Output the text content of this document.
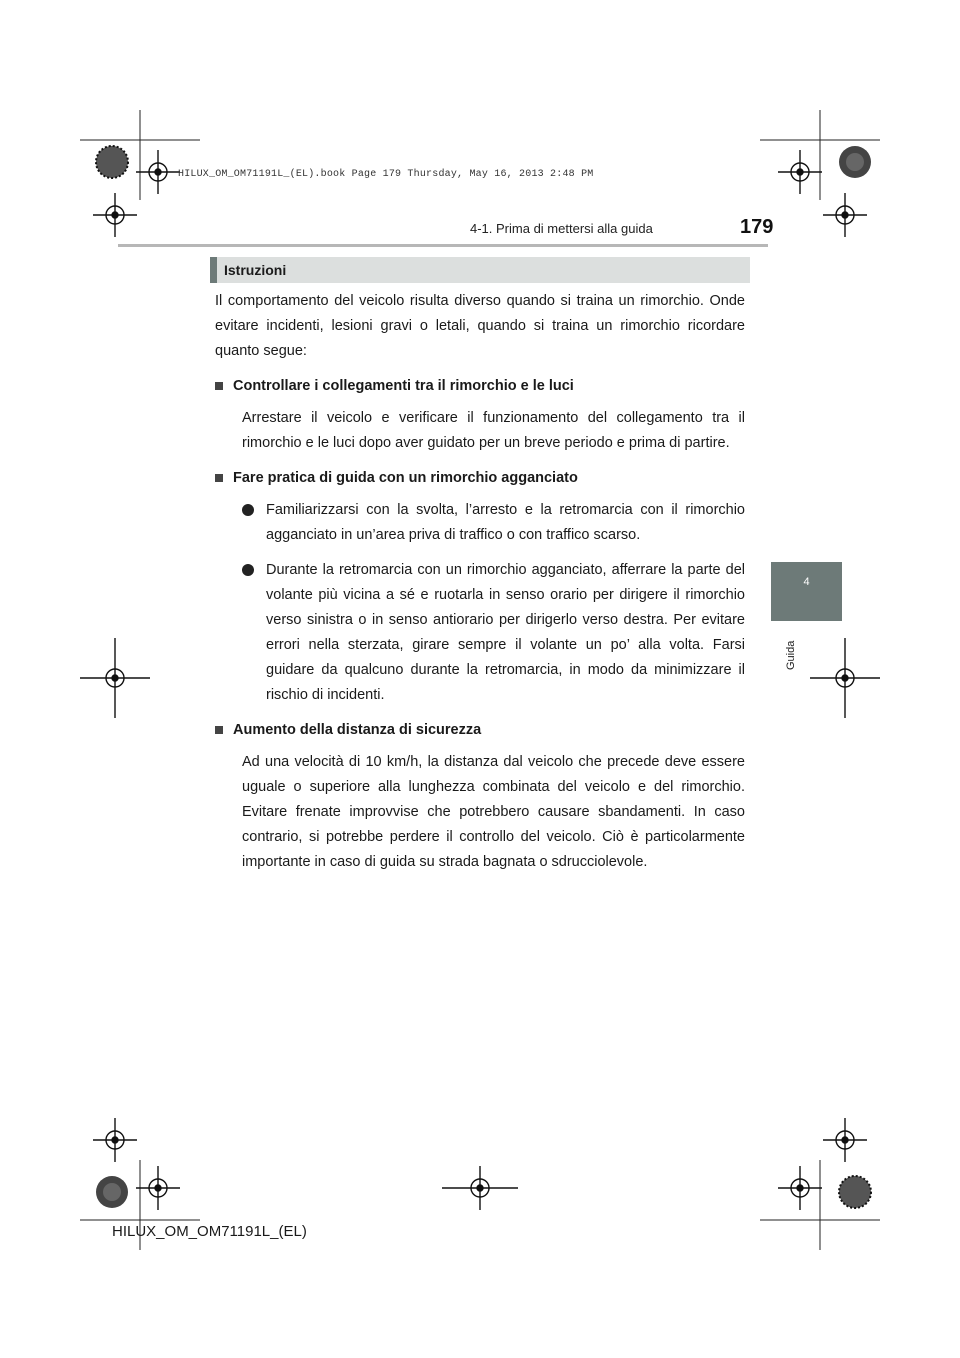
HILUX_OM_OM71191L_(EL).book Page 179 Thursday, May 16, 2013 2:48 PM
4-1. Prima di mettersi alla guida	179
4
Guida
Istruzioni

Il comportamento del veicolo risulta diverso quando si traina un rimorchio. Onde evitare incidenti, lesioni gravi o letali, quando si traina un rimorchio ricordare quanto segue:

Controllare i collegamenti tra il rimorchio e le luci

Arrestare il veicolo e verificare il funzionamento del collegamento tra il rimorchio e le luci dopo aver guidato per un breve periodo e prima di partire.

Fare pratica di guida con un rimorchio agganciato

Familiarizzarsi con la svolta, l’arresto e la retromarcia con il rimorchio agganciato in un’area priva di traffico o con traffico scarso.

Durante la retromarcia con un rimorchio agganciato, afferrare la parte del volante più vicina a sé e ruotarla in senso orario per dirigere il rimorchio verso sinistra o in senso antiorario per dirigerlo verso destra. Per evitare errori nella sterzata, girare sempre il volante un po’ alla volta. Farsi guidare da qualcuno durante la retromarcia, in modo da minimizzare il rischio di incidenti.

Aumento della distanza di sicurezza

Ad una velocità di 10 km/h, la distanza dal veicolo che precede deve essere uguale o superiore alla lunghezza combinata del veicolo e del rimorchio. Evitare frenate improvvise che potrebbero causare sbandamenti. In caso contrario, si potrebbe perdere il controllo del veicolo. Ciò è particolarmente importante in caso di guida su strada bagnata o sdrucciolevole.

HILUX_OM_OM71191L_(EL)
